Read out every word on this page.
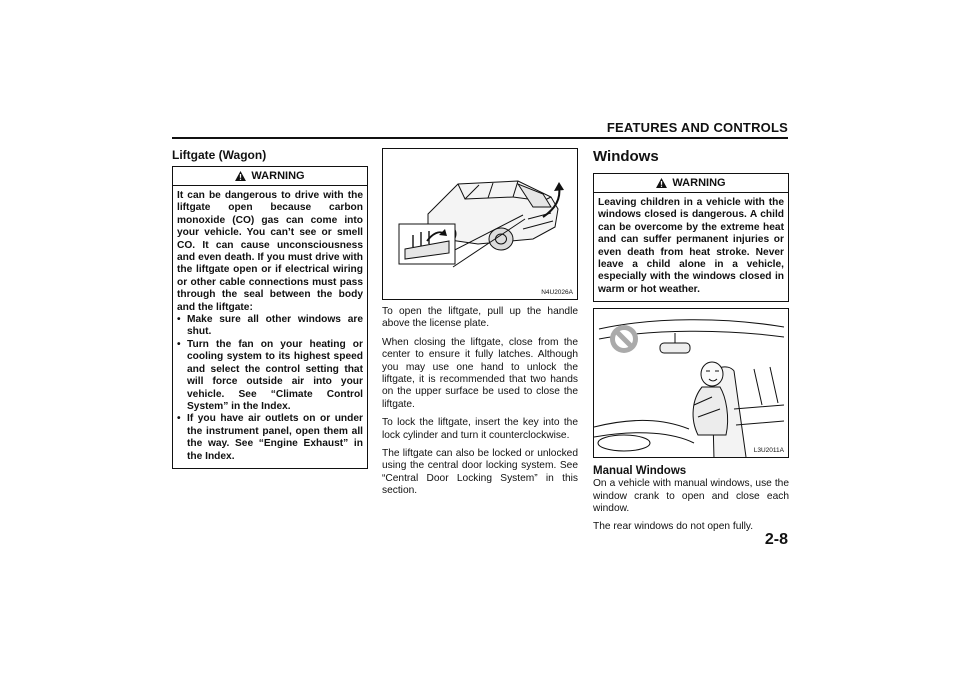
FEATURES AND CONTROLS
Liftgate (Wagon)
WARNING
It can be dangerous to drive with the liftgate open because carbon monoxide (CO) gas can come into your vehicle. You can’t see or smell CO. It can cause unconsciousness and even death. If you must drive with the liftgate open or if electrical wiring or other cable connections must pass through the seal between the body and the liftgate:
• Make sure all other windows are shut.
• Turn the fan on your heating or cooling system to its highest speed and select the control setting that will force outside air into your vehicle. See “Climate Control System” in the Index.
• If you have air outlets on or under the instrument panel, open them all the way. See “Engine Exhaust” in the Index.
N4U2026A
To open the liftgate, pull up the handle above the license plate.
When closing the liftgate, close from the center to ensure it fully latches. Although you may use one hand to unlock the liftgate, it is recommended that two hands on the upper surface be used to close the liftgate.
To lock the liftgate, insert the key into the lock cylinder and turn it counterclockwise.
The liftgate can also be locked or unlocked using the central door locking system. See “Central Door Locking System” in this section.
Windows
WARNING
Leaving children in a vehicle with the windows closed is dangerous. A child can be overcome by the extreme heat and can suffer permanent injuries or even death from heat stroke. Never leave a child alone in a vehicle, especially with the windows closed in warm or hot weather.
L3U2011A
Manual Windows
On a vehicle with manual windows, use the window crank to open and close each window.
The rear windows do not open fully.
2-8
